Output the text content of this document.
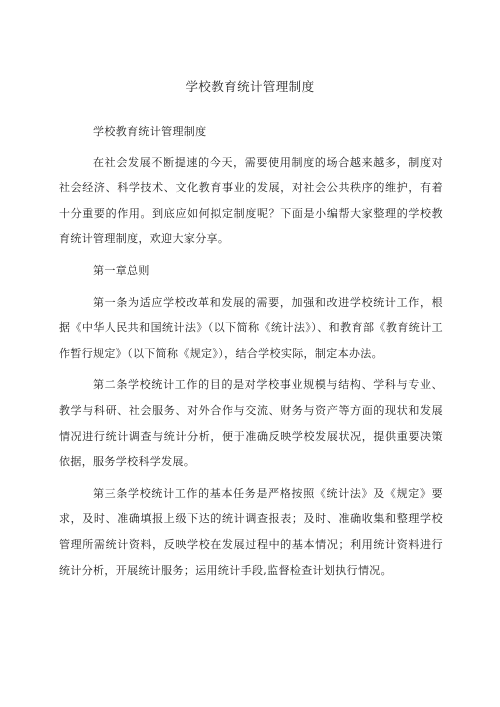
学校教育统计管理制度

学校教育统计管理制度

在社会发展不断提速的今天，需要使用制度的场合越来越多，制度对社会经济、科学技术、文化教育事业的发展，对社会公共秩序的维护，有着十分重要的作用。到底应如何拟定制度呢？下面是小编帮大家整理的学校教育统计管理制度，欢迎大家分享。

第一章总则

第一条为适应学校改革和发展的需要，加强和改进学校统计工作，根据《中华人民共和国统计法》（以下简称《统计法》）、和教育部《教育统计工作暂行规定》（以下简称《规定》），结合学校实际，制定本办法。

第二条学校统计工作的目的是对学校事业规模与结构、学科与专业、教学与科研、社会服务、对外合作与交流、财务与资产等方面的现状和发展情况进行统计调查与统计分析，便于准确反映学校发展状况，提供重要决策依据，服务学校科学发展。

第三条学校统计工作的基本任务是严格按照《统计法》及《规定》要求，及时、准确填报上级下达的统计调查报表；及时、准确收集和整理学校管理所需统计资料，反映学校在发展过程中的基本情况；利用统计资料进行统计分析，开展统计服务；运用统计手段,监督检查计划执行情况。
